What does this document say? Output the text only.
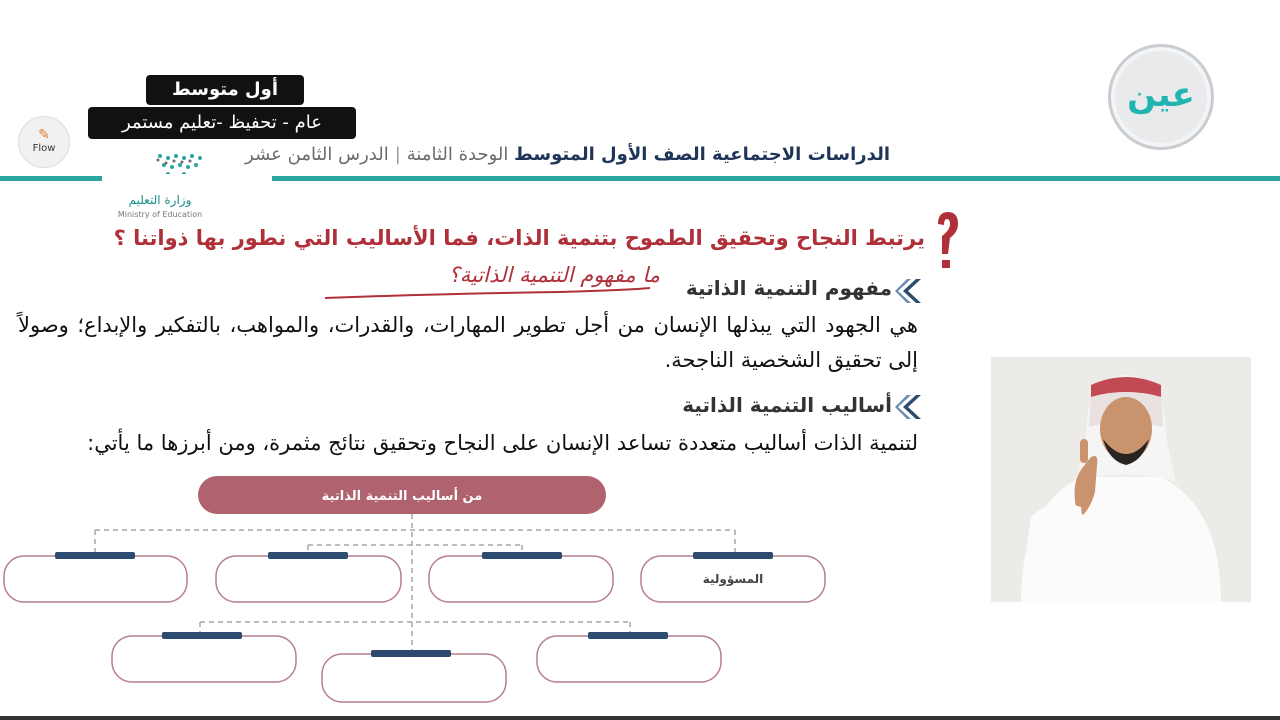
✎
Flow
أول متوسط
عام - تحفيظ -تعليم مستمر
وزارة التعليم
Ministry of Education
عين
الدراسات الاجتماعية الصف الأول المتوسط الوحدة الثامنة|الدرس الثامن عشر
يرتبط النجاح وتحقيق الطموح بتنمية الذات، فما الأساليب التي نطور بها ذواتنا ؟
ما مفهوم التنمية الذاتية؟
مفهوم التنمية الذاتية
هي الجهود التي يبذلها الإنسان من أجل تطوير المهارات، والقدرات، والمواهب، بالتفكير والإبداع؛ وصولاً إلى تحقيق الشخصية الناجحة.
أساليب التنمية الذاتية
لتنمية الذات أساليب متعددة تساعد الإنسان على النجاح وتحقيق نتائج مثمرة، ومن أبرزها ما يأتي:
من أساليب التنمية الذاتية
المسؤولية
